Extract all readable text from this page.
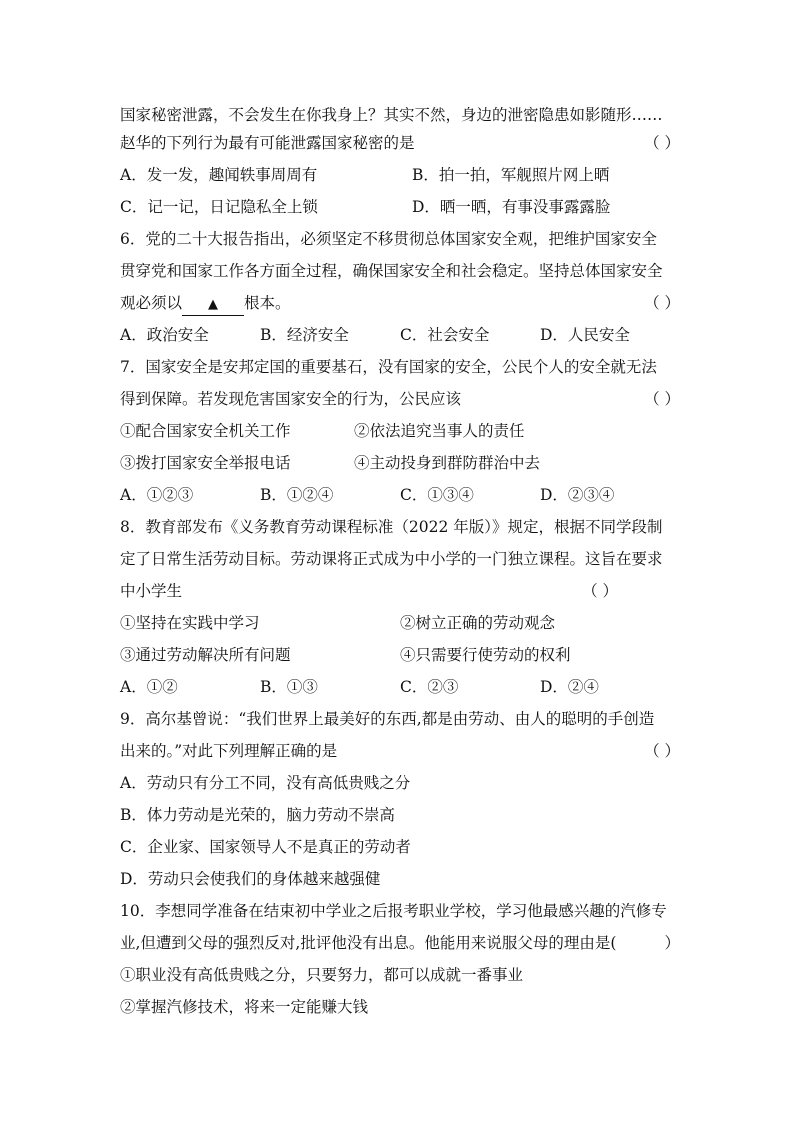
国家秘密泄露，不会发生在你我身上？其实不然，身边的泄密隐患如影随形……
赵华的下列行为最有可能泄露国家秘密的是	（ ）
A．发一发，趣闻轶事周周有	B．拍一拍，军舰照片网上晒
C．记一记，日记隐私全上锁	D．晒一晒，有事没事露露脸
6．党的二十大报告指出，必须坚定不移贯彻总体国家安全观，把维护国家安全
贯穿党和国家工作各方面全过程，确保国家安全和社会稳定。坚持总体国家安全
观必须以 ▲ 根本。	（ ）
A．政治安全	B．经济安全	C．社会安全	D．人民安全
7．国家安全是安邦定国的重要基石，没有国家的安全，公民个人的安全就无法
得到保障。若发现危害国家安全的行为，公民应该	（ ）
①配合国家安全机关工作	②依法追究当事人的责任
③拨打国家安全举报电话	④主动投身到群防群治中去
A．①②③	B．①②④	C．①③④	D．②③④
8．教育部发布《义务教育劳动课程标准（2022 年版）》规定，根据不同学段制
定了日常生活劳动目标。劳动课将正式成为中小学的一门独立课程。这旨在要求
中小学生	（ ）
①坚持在实践中学习	②树立正确的劳动观念
③通过劳动解决所有问题	④只需要行使劳动的权利
A．①②	B．①③	C．②③	D．②④
9．高尔基曾说：“我们世界上最美好的东西,都是由劳动、由人的聪明的手创造
出来的。”对此下列理解正确的是	（ ）
A．劳动只有分工不同，没有高低贵贱之分
B．体力劳动是光荣的，脑力劳动不崇高
C．企业家、国家领导人不是真正的劳动者
D．劳动只会使我们的身体越来越强健
10．李想同学准备在结束初中学业之后报考职业学校，学习他最感兴趣的汽修专
业,但遭到父母的强烈反对,批评他没有出息。他能用来说服父母的理由是(	）
①职业没有高低贵贱之分，只要努力，都可以成就一番事业
②掌握汽修技术，将来一定能赚大钱
